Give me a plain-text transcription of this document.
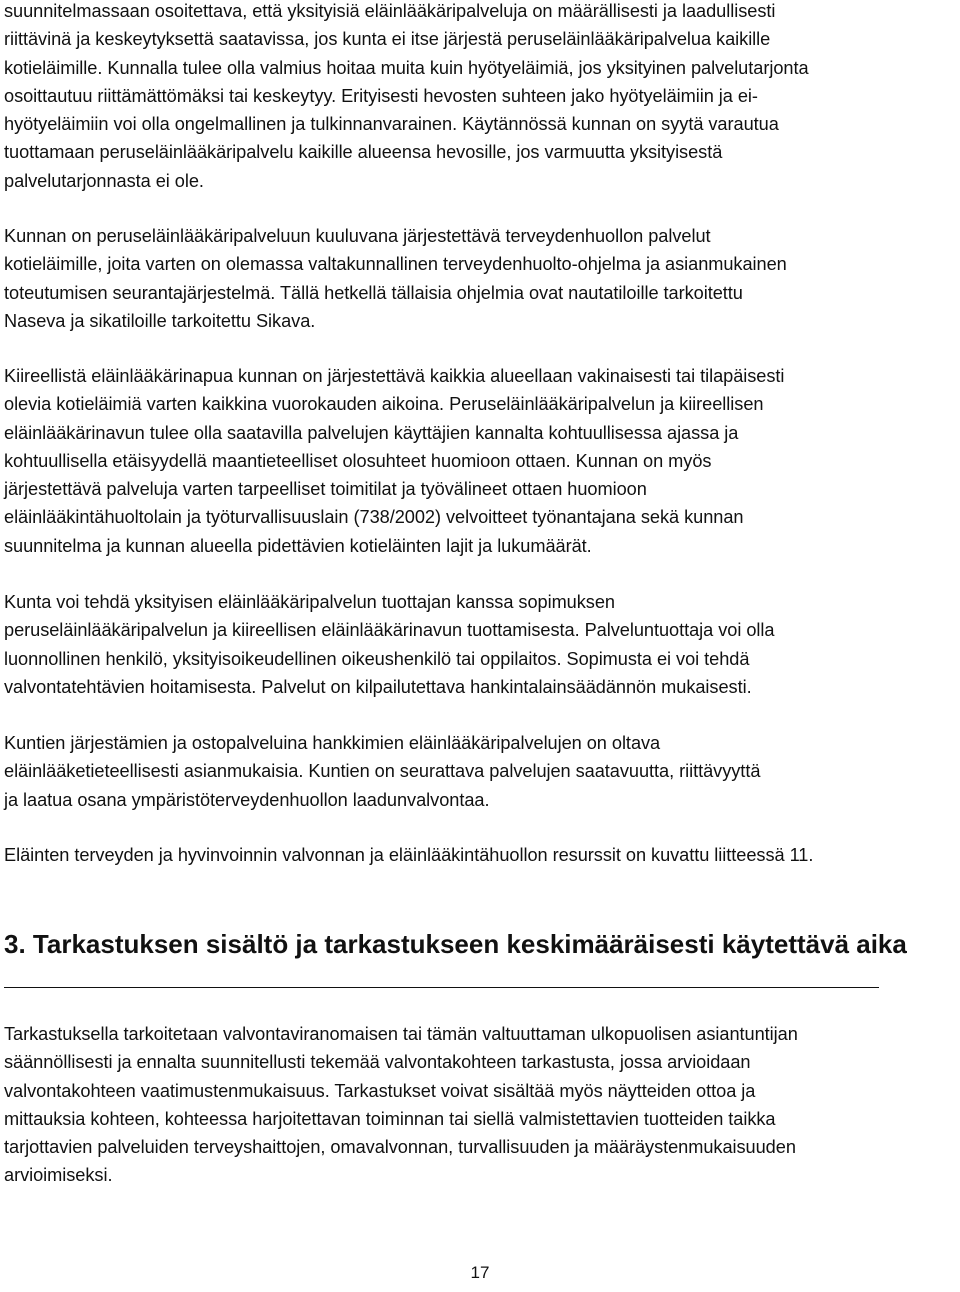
suunnitelmassaan osoitettava, että yksityisiä eläinlääkäripalveluja on määrällisesti ja laadullisesti
riittävinä ja keskeytyksettä saatavissa, jos kunta ei itse järjestä peruseläinlääkäripalvelua kaikille
kotieläimille. Kunnalla tulee olla valmius hoitaa muita kuin hyötyeläimiä, jos yksityinen palvelutarjonta
osoittautuu riittämättömäksi tai keskeytyy. Erityisesti hevosten suhteen jako hyötyeläimiin ja ei-
hyötyeläimiin voi olla ongelmallinen ja tulkinnanvarainen. Käytännössä kunnan on syytä varautua
tuottamaan peruseläinlääkäripalvelu kaikille alueensa hevosille, jos varmuutta yksityisestä
palvelutarjonnasta ei ole.
Kunnan on peruseläinlääkäripalveluun kuuluvana järjestettävä terveydenhuollon palvelut
kotieläimille, joita varten on olemassa valtakunnallinen terveydenhuolto-ohjelma ja asianmukainen
toteutumisen seurantajärjestelmä. Tällä hetkellä tällaisia ohjelmia ovat nautatiloille tarkoitettu
Naseva ja sikatiloille tarkoitettu Sikava.
Kiireellistä eläinlääkärinapua kunnan on järjestettävä kaikkia alueellaan vakinaisesti tai tilapäisesti
olevia kotieläimiä varten kaikkina vuorokauden aikoina. Peruseläinlääkäripalvelun ja kiireellisen
eläinlääkärinavun tulee olla saatavilla palvelujen käyttäjien kannalta kohtuullisessa ajassa ja
kohtuullisella etäisyydellä maantieteelliset olosuhteet huomioon ottaen. Kunnan on myös
järjestettävä palveluja varten tarpeelliset toimitilat ja työvälineet ottaen huomioon
eläinlääkintähuoltolain ja työturvallisuuslain (738/2002) velvoitteet työnantajana sekä kunnan
suunnitelma ja kunnan alueella pidettävien kotieläinten lajit ja lukumäärät.
Kunta voi tehdä yksityisen eläinlääkäripalvelun tuottajan kanssa sopimuksen
peruseläinlääkäripalvelun ja kiireellisen eläinlääkärinavun tuottamisesta. Palveluntuottaja voi olla
luonnollinen henkilö, yksityisoikeudellinen oikeushenkilö tai oppilaitos. Sopimusta ei voi tehdä
valvontatehtävien hoitamisesta. Palvelut on kilpailutettava hankintalainsäädännön mukaisesti.
Kuntien järjestämien ja ostopalveluina hankkimien eläinlääkäripalvelujen on oltava
eläinlääketieteellisesti asianmukaisia. Kuntien on seurattava palvelujen saatavuutta, riittävyyttä
ja laatua osana ympäristöterveydenhuollon laadunvalvontaa.
Eläinten terveyden ja hyvinvoinnin valvonnan ja eläinlääkintähuollon resurssit on kuvattu liitteessä 11.
3. Tarkastuksen sisältö ja tarkastukseen keskimääräisesti käytettävä aika
Tarkastuksella tarkoitetaan valvontaviranomaisen tai tämän valtuuttaman ulkopuolisen asiantuntijan
säännöllisesti ja ennalta suunnitellusti tekemää valvontakohteen tarkastusta, jossa arvioidaan
valvontakohteen vaatimustenmukaisuus. Tarkastukset voivat sisältää myös näytteiden ottoa ja
mittauksia kohteen, kohteessa harjoitettavan toiminnan tai siellä valmistettavien tuotteiden taikka
tarjottavien palveluiden terveyshaittojen, omavalvonnan, turvallisuuden ja määräystenmukaisuuden
arvioimiseksi.
17
